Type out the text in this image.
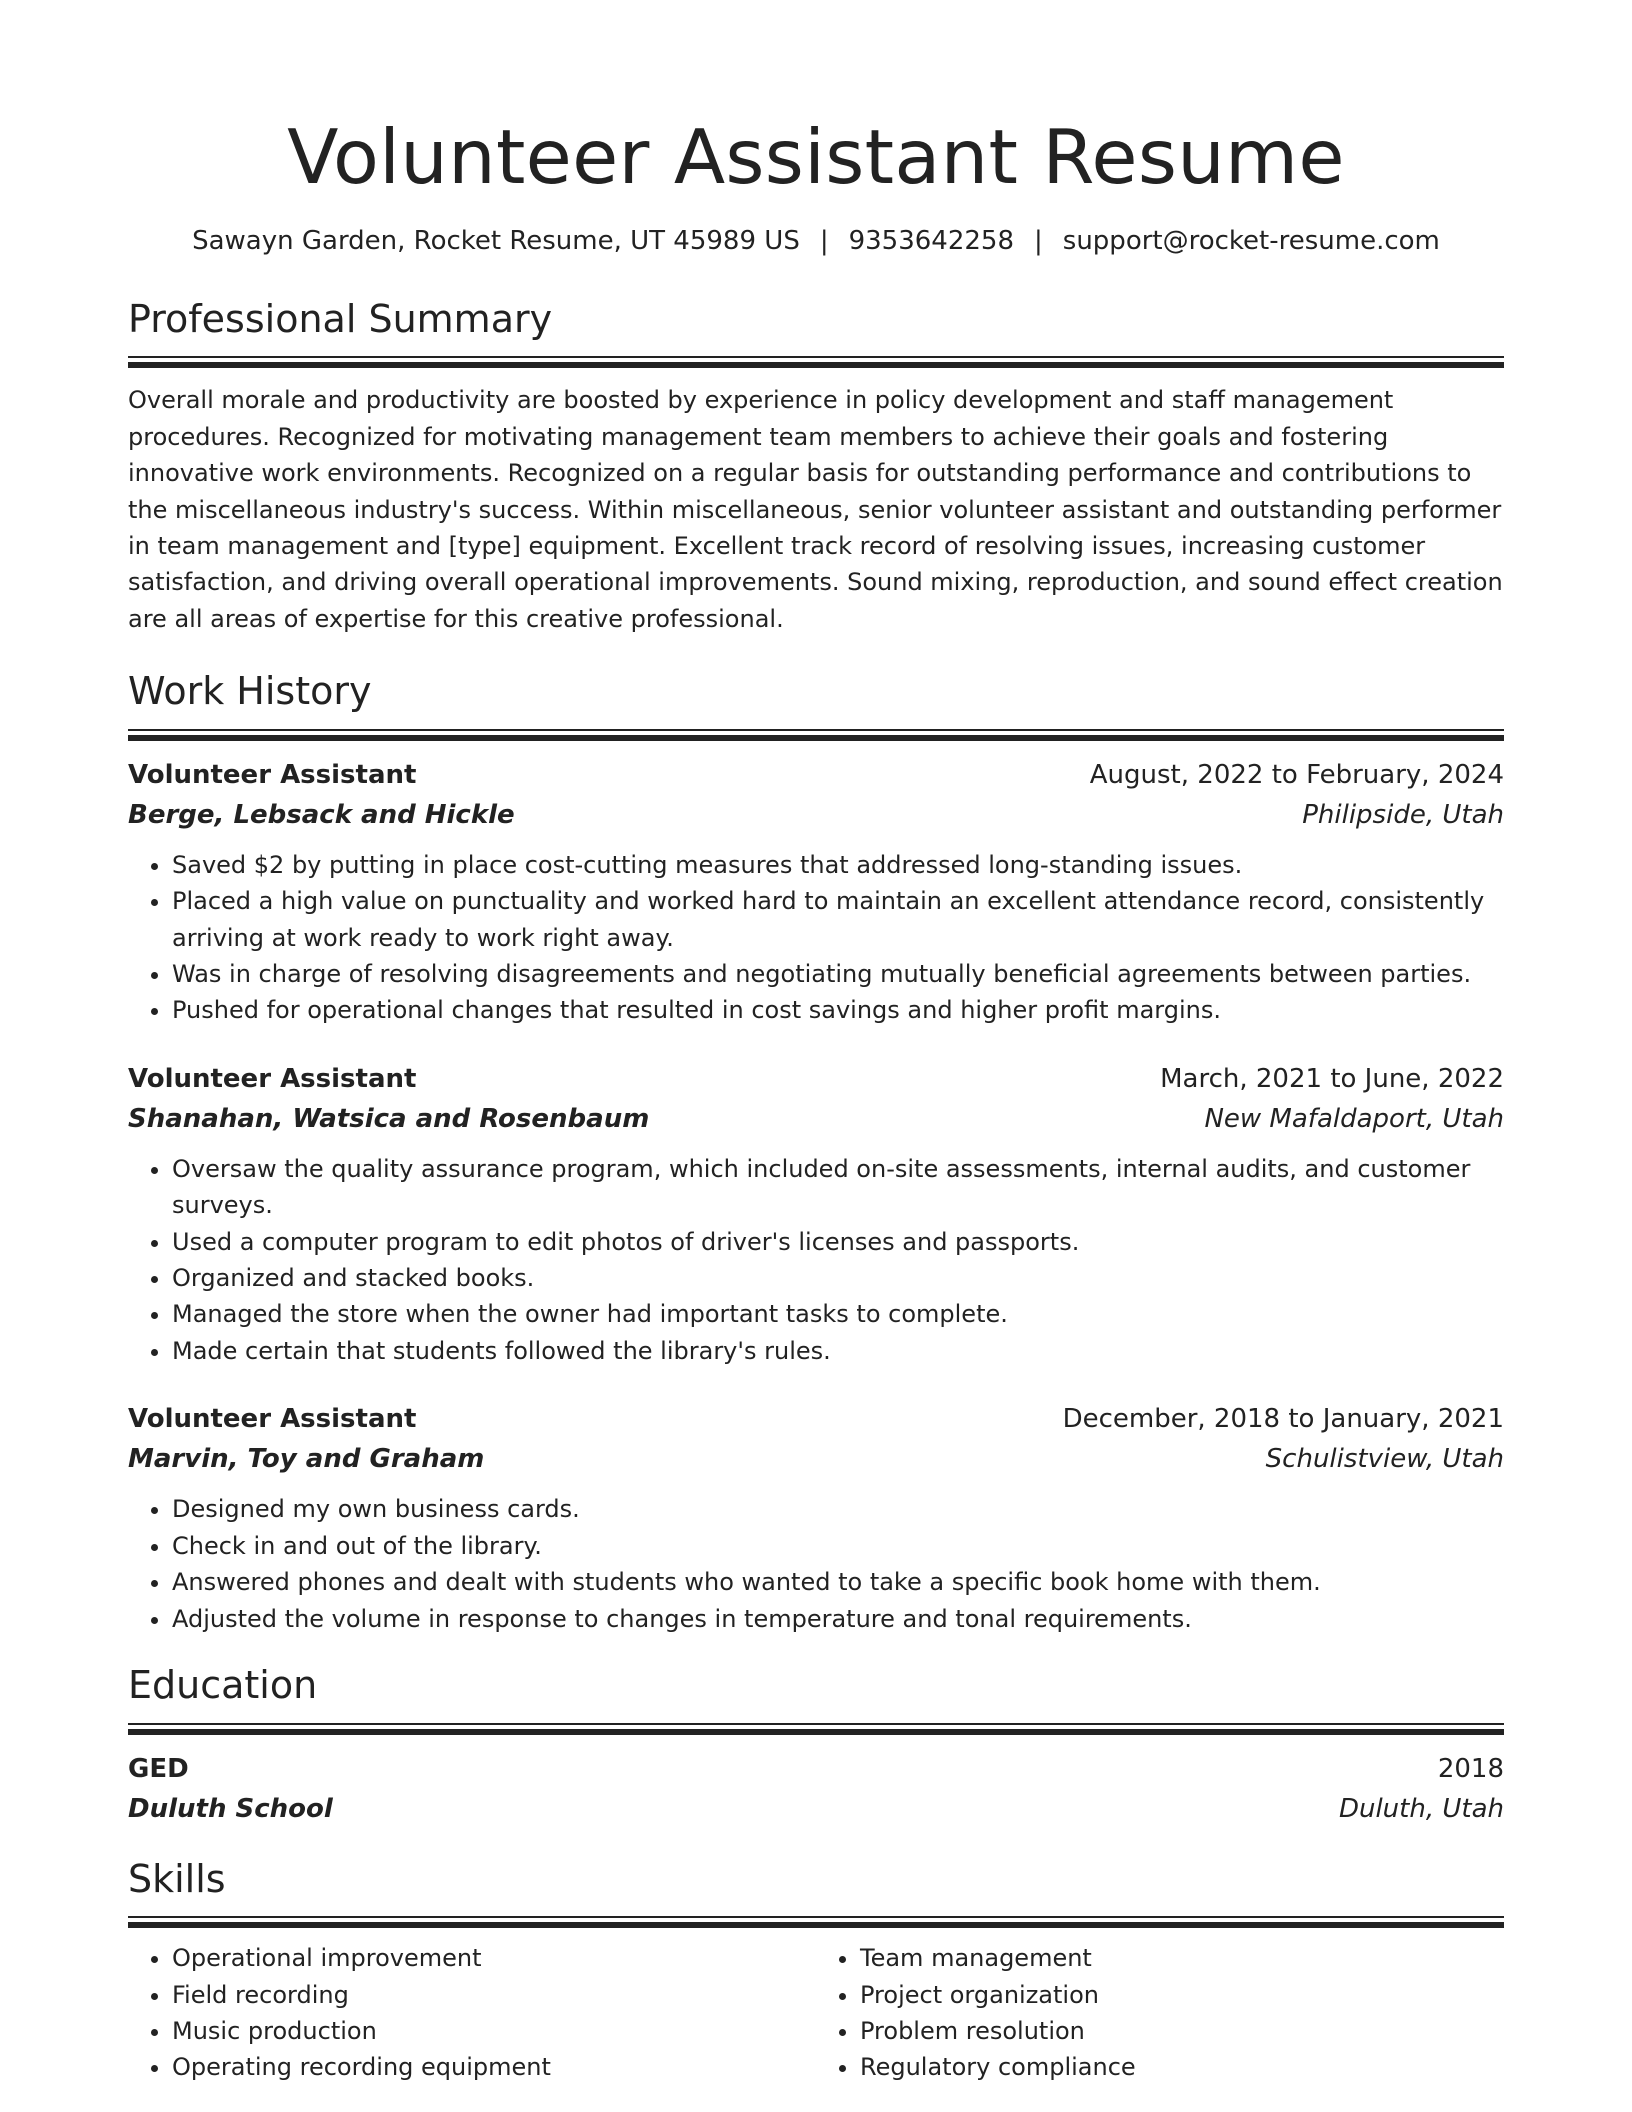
Volunteer Assistant Resume
Sawayn Garden, Rocket Resume, UT 45989 US | 9353642258 | support@rocket-resume.com
Professional Summary

Overall morale and productivity are boosted by experience in policy development and staff management procedures. Recognized for motivating management team members to achieve their goals and fostering innovative work environments. Recognized on a regular basis for outstanding performance and contributions to the miscellaneous industry's success. Within miscellaneous, senior volunteer assistant and outstanding performer in team management and [type] equipment. Excellent track record of resolving issues, increasing customer satisfaction, and driving overall operational improvements. Sound mixing, reproduction, and sound effect creation are all areas of expertise for this creative professional.

Work History
Volunteer Assistant	August, 2022 to February, 2024
Berge, Lebsack and Hickle	Philipside, Utah
• Saved $2 by putting in place cost-cutting measures that addressed long-standing issues.
• Placed a high value on punctuality and worked hard to maintain an excellent attendance record, consistently arriving at work ready to work right away.
• Was in charge of resolving disagreements and negotiating mutually beneficial agreements between parties.
• Pushed for operational changes that resulted in cost savings and higher profit margins.
Volunteer Assistant	March, 2021 to June, 2022
Shanahan, Watsica and Rosenbaum	New Mafaldaport, Utah
• Oversaw the quality assurance program, which included on-site assessments, internal audits, and customer surveys.
• Used a computer program to edit photos of driver's licenses and passports.
• Organized and stacked books.
• Managed the store when the owner had important tasks to complete.
• Made certain that students followed the library's rules.
Volunteer Assistant	December, 2018 to January, 2021
Marvin, Toy and Graham	Schulistview, Utah
• Designed my own business cards.
• Check in and out of the library.
• Answered phones and dealt with students who wanted to take a specific book home with them.
• Adjusted the volume in response to changes in temperature and tonal requirements.
Education
GED	2018
Duluth School	Duluth, Utah
Skills
• Operational improvement
• Field recording
• Music production
• Operating recording equipment
• Team management
• Project organization
• Problem resolution
• Regulatory compliance
